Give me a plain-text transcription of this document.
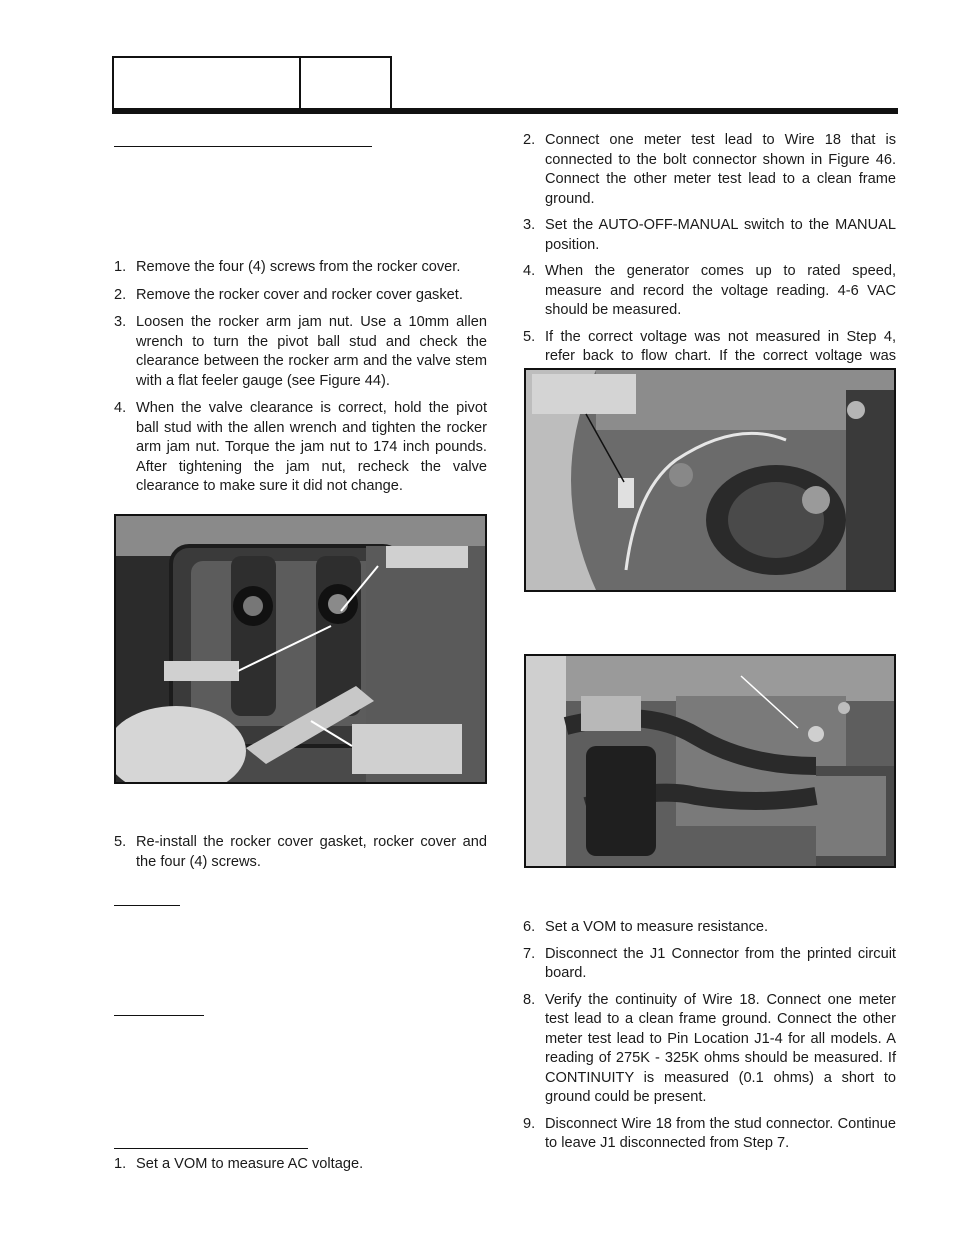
1. Remove the four (4) screws from the rocker cover.
2. Remove the rocker cover and rocker cover gasket.
3. Loosen the rocker arm jam nut. Use a 10mm allen wrench to turn the pivot ball stud and check the clearance between the rocker arm and the valve stem with a flat feeler gauge (see Figure 44).
4. When the valve clearance is correct, hold the pivot ball stud with the allen wrench and tighten the rocker arm jam nut. Torque the jam nut to 174 inch pounds. After tightening the jam nut, recheck the valve clearance to make sure it did not change.
5. Re-install the rocker cover gasket, rocker cover and the four (4) screws.
1. Set a VOM to measure AC voltage.
2. Connect one meter test lead to Wire 18 that is connected to the bolt connector shown in Figure 46. Connect the other meter test lead to a clean frame ground.
3. Set the AUTO-OFF-MANUAL switch to the MANUAL position.
4. When the generator comes up to rated speed, measure and record the voltage reading. 4-6 VAC should be measured.
5. If the correct voltage was not measured in Step 4, refer back to flow chart. If the correct voltage was
6. Set a VOM to measure resistance.
7. Disconnect the J1 Connector from the printed circuit board.
8. Verify the continuity of Wire 18. Connect one meter test lead to a clean frame ground. Connect the other meter test lead to Pin Location J1-4 for all models. A reading of 275K - 325K ohms should be measured. If CONTINUITY is measured (0.1 ohms) a short to ground could be present.
9. Disconnect Wire 18 from the stud connector. Continue to leave J1 disconnected from Step 7.
